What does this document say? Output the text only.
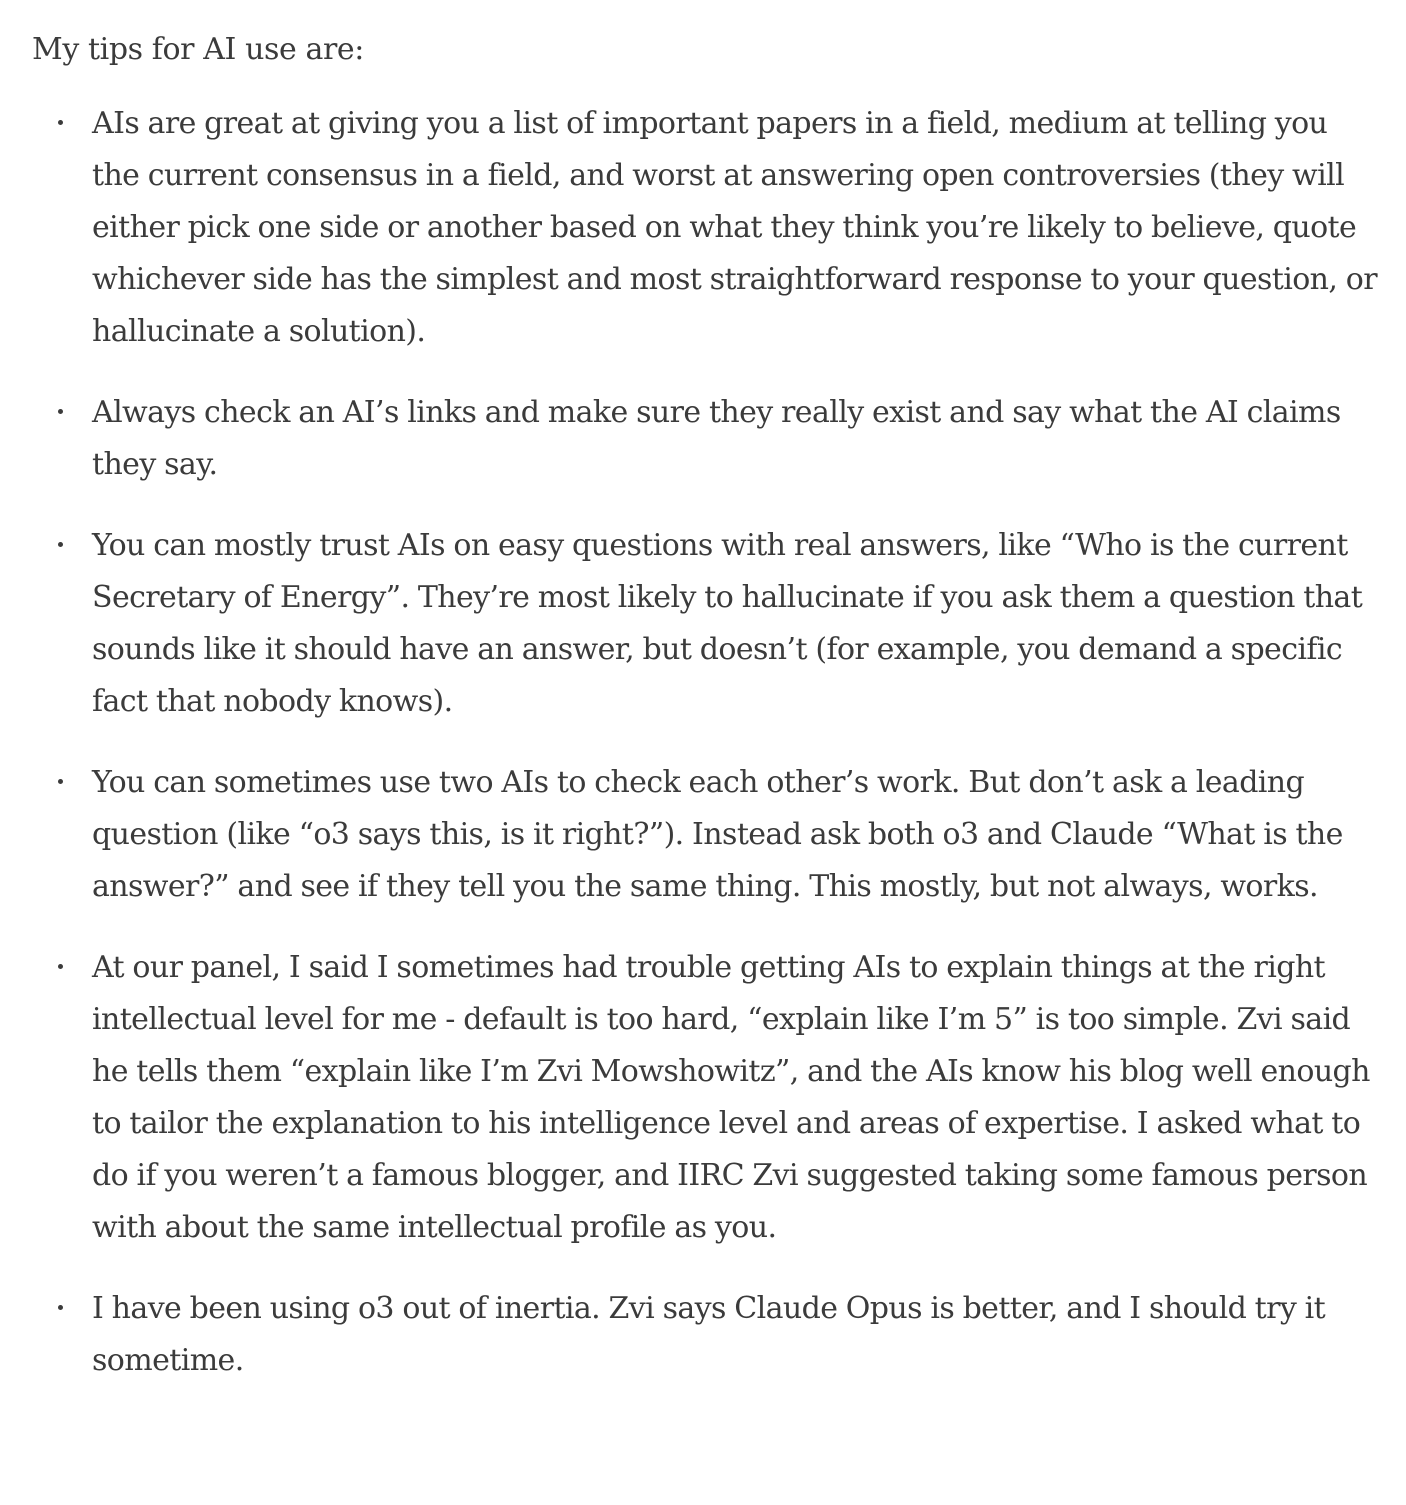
My tips for AI use are:

AIs are great at giving you a list of important papers in a field, medium at telling you the current consensus in a field, and worst at answering open controversies (they will either pick one side or another based on what they think you’re likely to believe, quote whichever side has the simplest and most straightforward response to your question, or hallucinate a solution).
Always check an AI’s links and make sure they really exist and say what the AI claims they say.
You can mostly trust AIs on easy questions with real answers, like “Who is the current Secretary of Energy”. They’re most likely to hallucinate if you ask them a question that sounds like it should have an answer, but doesn’t (for example, you demand a specific fact that nobody knows).
You can sometimes use two AIs to check each other’s work. But don’t ask a leading question (like “o3 says this, is it right?”). Instead ask both o3 and Claude “What is the answer?” and see if they tell you the same thing. This mostly, but not always, works.
At our panel, I said I sometimes had trouble getting AIs to explain things at the right intellectual level for me - default is too hard, “explain like I’m 5” is too simple. Zvi said he tells them “explain like I’m Zvi Mowshowitz”, and the AIs know his blog well enough to tailor the explanation to his intelligence level and areas of expertise. I asked what to do if you weren’t a famous blogger, and IIRC Zvi suggested taking some famous person with about the same intellectual profile as you.
I have been using o3 out of inertia. Zvi says Claude Opus is better, and I should try it sometime.
